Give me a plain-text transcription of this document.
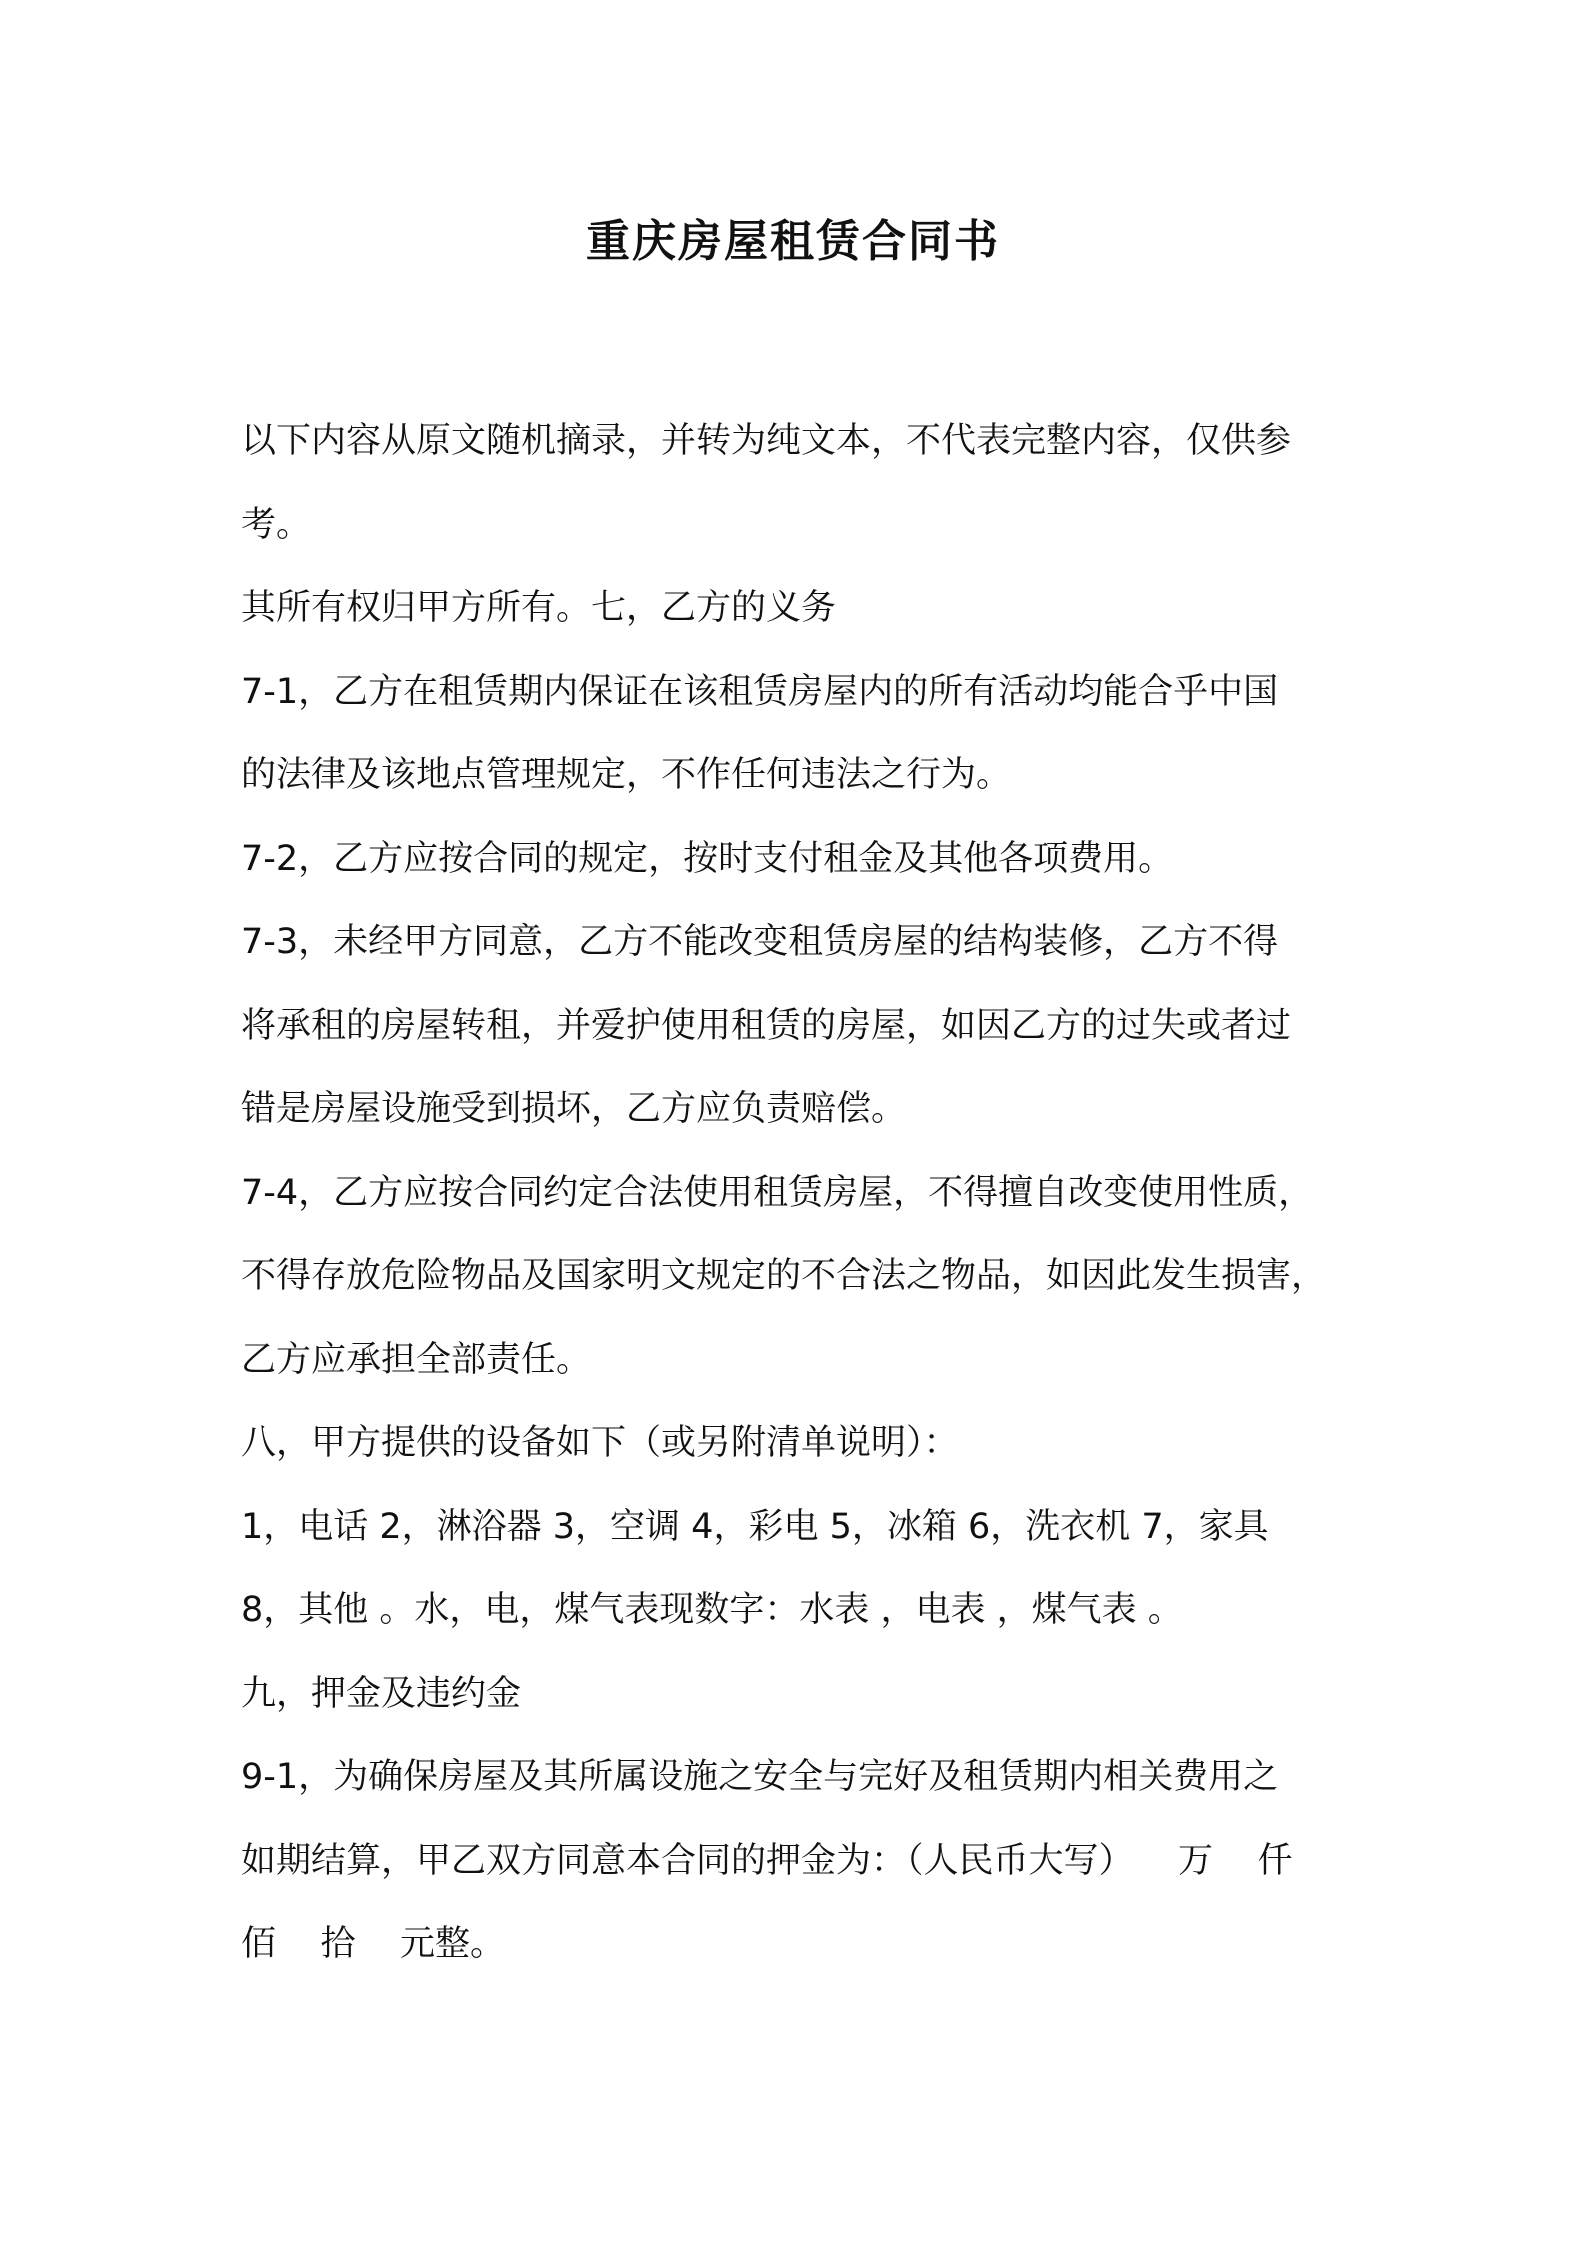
重庆房屋租赁合同书
以下内容从原文随机摘录，并转为纯文本，不代表完整内容，仅供参
考。
其所有权归甲方所有。七，乙方的义务
7-1，乙方在租赁期内保证在该租赁房屋内的所有活动均能合乎中国
的法律及该地点管理规定，不作任何违法之行为。
7-2，乙方应按合同的规定，按时支付租金及其他各项费用。
7-3，未经甲方同意，乙方不能改变租赁房屋的结构装修，乙方不得
将承租的房屋转租，并爱护使用租赁的房屋，如因乙方的过失或者过
错是房屋设施受到损坏，乙方应负责赔偿。
7-4，乙方应按合同约定合法使用租赁房屋，不得擅自改变使用性质，
不得存放危险物品及国家明文规定的不合法之物品，如因此发生损害，
乙方应承担全部责任。
八，甲方提供的设备如下（或另附清单说明）：
1，电话 2，淋浴器 3，空调 4，彩电 5，冰箱 6，洗衣机 7，家具
8，其他 。水，电，煤气表现数字：水表 ，电表 ，煤气表 。
九，押金及违约金
9-1，为确保房屋及其所属设施之安全与完好及租赁期内相关费用之
如期结算，甲乙双方同意本合同的押金为：（人民币大写）    万    仟
佰    拾    元整。
